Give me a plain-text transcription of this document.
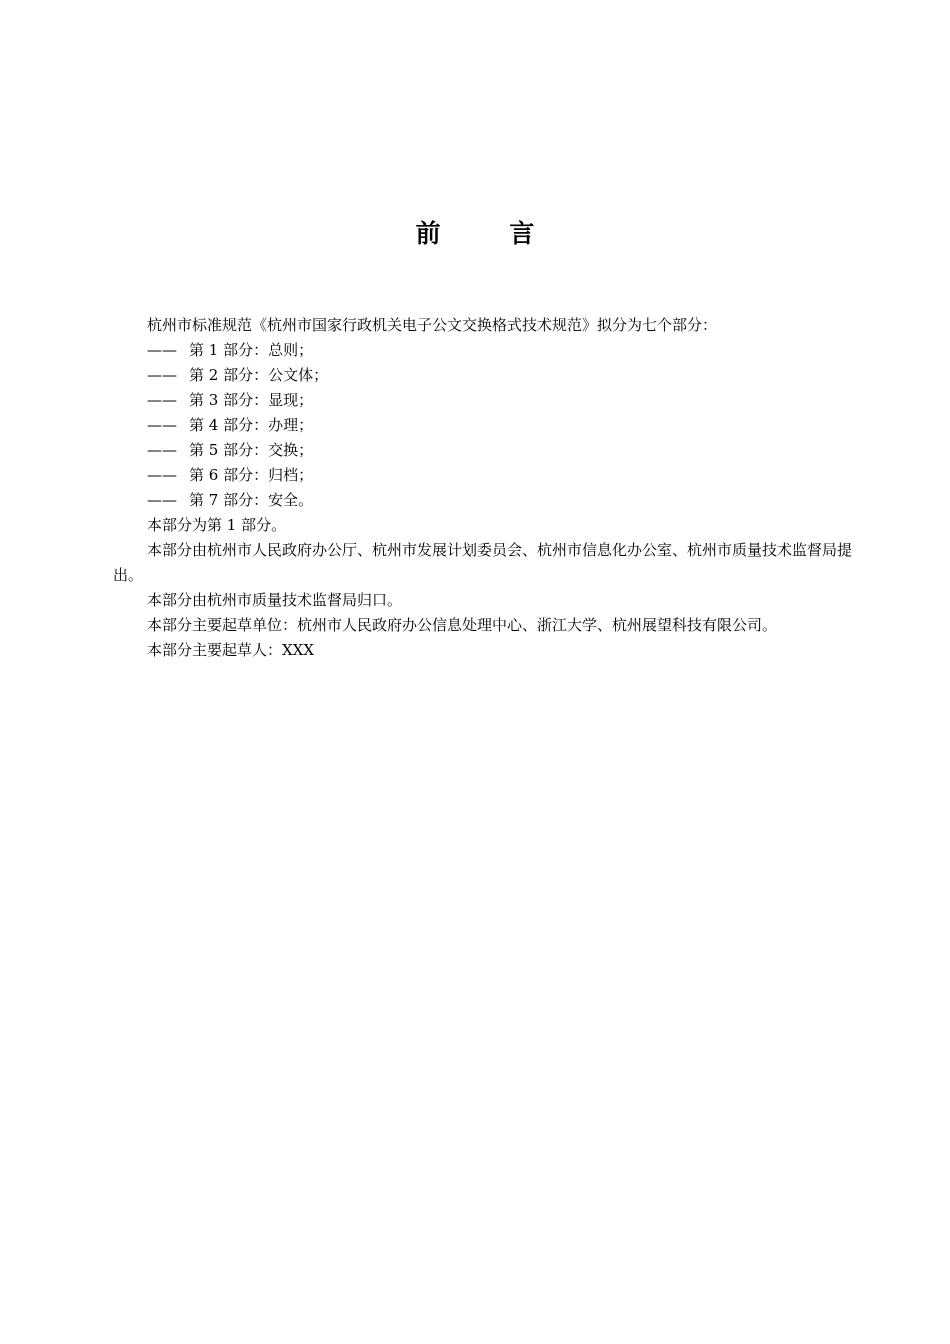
前 言

杭州市标准规范《杭州市国家行政机关电子公文交换格式技术规范》拟分为七个部分：

—— 第 1 部分：总则；

—— 第 2 部分：公文体；

—— 第 3 部分：显现；

—— 第 4 部分：办理；

—— 第 5 部分：交换；

—— 第 6 部分：归档；

—— 第 7 部分：安全。

本部分为第 1 部分。

本部分由杭州市人民政府办公厅、杭州市发展计划委员会、杭州市信息化办公室、杭州市质量技术监督局提出。

本部分由杭州市质量技术监督局归口。

本部分主要起草单位：杭州市人民政府办公信息处理中心、浙江大学、杭州展望科技有限公司。

本部分主要起草人：XXX
